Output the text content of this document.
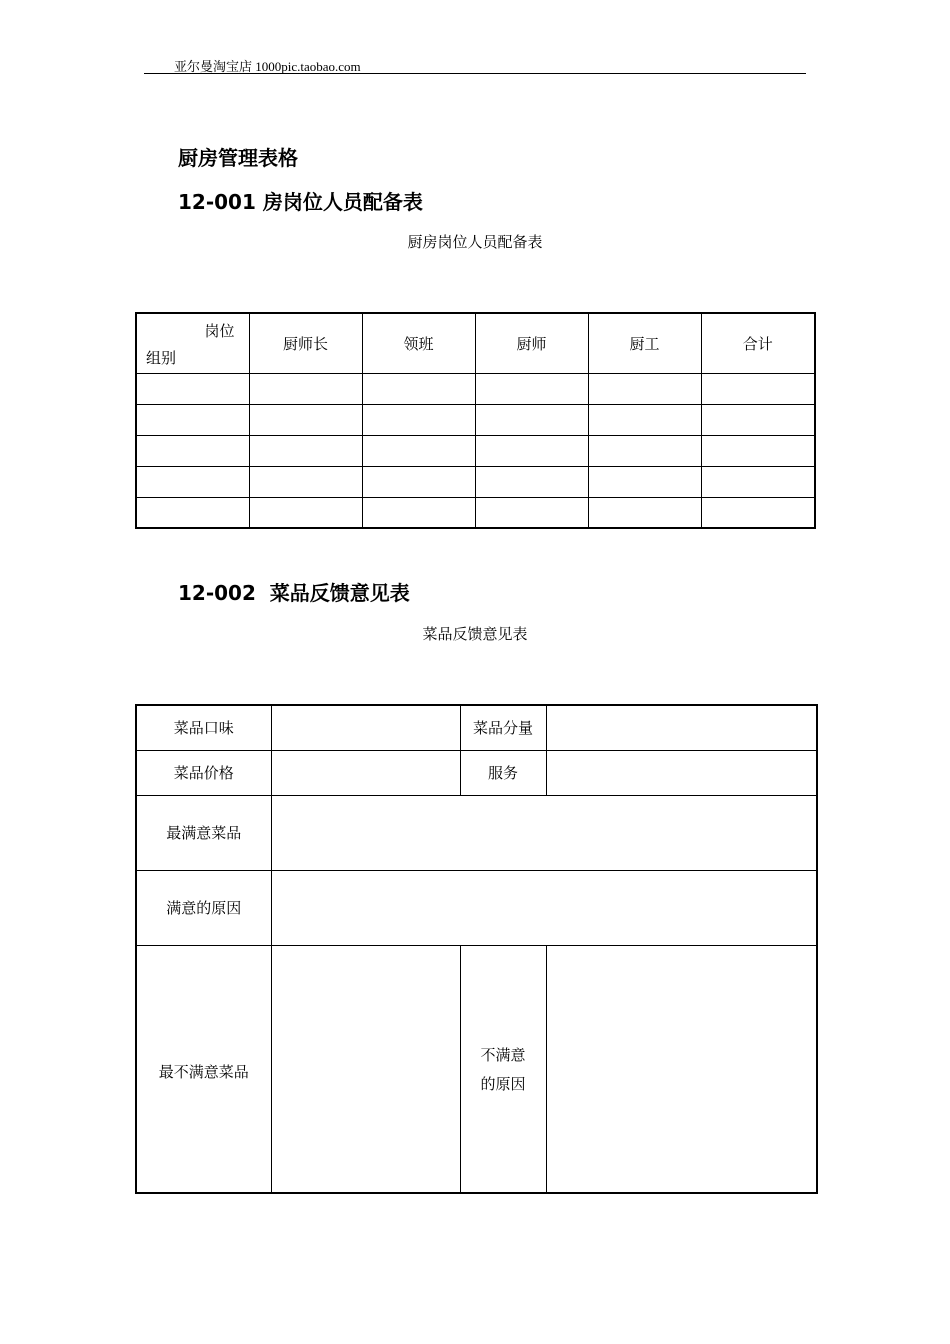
亚尔曼淘宝店 1000pic.taobao.com
厨房管理表格
12-001 房岗位人员配备表
厨房岗位人员配备表
岗位
组别	厨师长	领班	厨师	厨工	合计

12-002  菜品反馈意见表
菜品反馈意见表
菜品口味		菜品分量	
菜品价格		服务	
最满意菜品			
满意的原因			
最不满意菜品		不满意
的原因	
